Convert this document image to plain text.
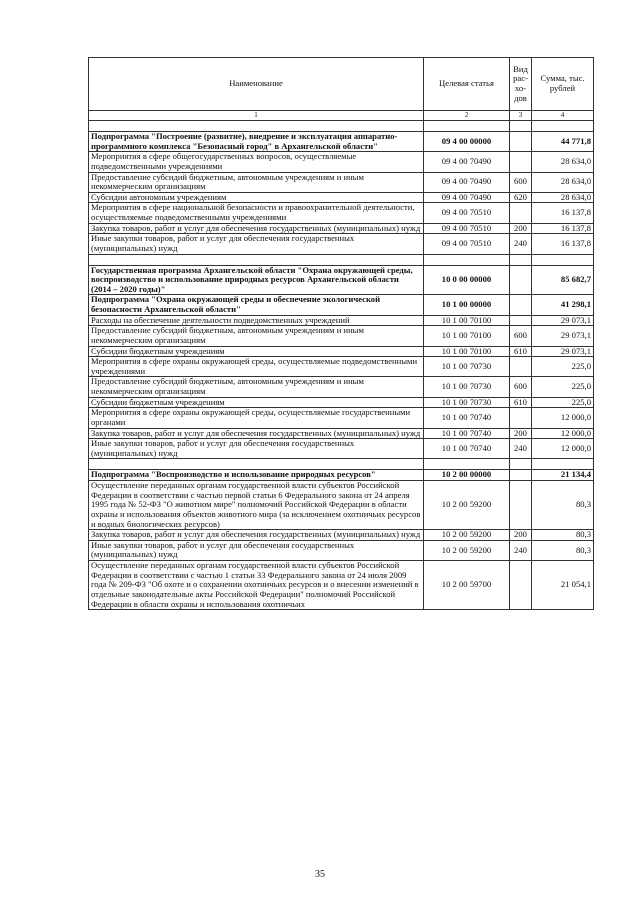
Наименование	Целевая статья	Вид рас- хо- дов	Сумма, тыс. рублей
1	2	3	4

Подпрограмма "Построение (развитие), внедрение и эксплуатация аппаратно-программного комплекса "Безопасный город" в Архангельской области"	09 4 00 00000		44 771,8
Мероприятия в сфере общегосударственных вопросов, осуществляемые подведомственными учреждениями	09 4 00 70490		28 634,0
Предоставление субсидий бюджетным, автономным учреждениям и иным некоммерческим организациям	09 4 00 70490	600	28 634,0
Субсидии автономным учреждениям	09 4 00 70490	620	28 634,0
Мероприятия в сфере национальной безопасности и правоохранительной деятельности, осуществляемые подведомственными учреждениями	09 4 00 70510		16 137,8
Закупка товаров, работ и услуг для обеспечения государственных (муниципальных) нужд	09 4 00 70510	200	16 137,8
Иные закупки товаров, работ и услуг для обеспечения государственных (муниципальных) нужд	09 4 00 70510	240	16 137,8

Государственная программа Архангельской области "Охрана окружающей среды, воспроизводство и использование природных ресурсов Архангельской области (2014 – 2020 годы)"	10 0 00 00000		85 682,7
Подпрограмма "Охрана окружающей среды и обеспечение экологической безопасности Архангельской области"	10 1 00 00000		41 298,1
Расходы на обеспечение деятельности подведомственных учреждений	10 1 00 70100		29 073,1
Предоставление субсидий бюджетным, автономным учреждениям и иным некоммерческим организациям	10 1 00 70100	600	29 073,1
Субсидии бюджетным учреждениям	10 1 00 70100	610	29 073,1
Мероприятия в сфере охраны окружающей среды, осуществляемые подведомственными учреждениями	10 1 00 70730		225,0
Предоставление субсидий бюджетным, автономным учреждениям и иным некоммерческим организациям	10 1 00 70730	600	225,0
Субсидии бюджетным учреждениям	10 1 00 70730	610	225,0
Мероприятия в сфере охраны окружающей среды, осуществляемые государственными органами	10 1 00 70740		12 000,0
Закупка товаров, работ и услуг для обеспечения государственных (муниципальных) нужд	10 1 00 70740	200	12 000,0
Иные закупки товаров, работ и услуг для обеспечения государственных (муниципальных) нужд	10 1 00 70740	240	12 000,0

Подпрограмма "Воспроизводство и использование природных ресурсов"	10 2 00 00000		21 134,4
Осуществление переданных органам государственной власти субъектов Российской Федерации в соответствии с частью первой статьи 6 Федерального закона от 24 апреля 1995 года № 52-ФЗ "О животном мире" полномочий Российской Федерации в области охраны и использования объектов животного мира (за исключением охотничьих ресурсов и водных биологических ресурсов)	10 2 00 59200		80,3
Закупка товаров, работ и услуг для обеспечения государственных (муниципальных) нужд	10 2 00 59200	200	80,3
Иные закупки товаров, работ и услуг для обеспечения государственных (муниципальных) нужд	10 2 00 59200	240	80,3
Осуществление переданных органам государственной власти субъектов Российской Федерации в соответствии с частью 1 статьи 33 Федерального закона от 24 июля 2009 года № 209-ФЗ "Об охоте и о сохранении охотничьих ресурсов и о внесении изменений в отдельные законодательные акты Российской Федерации" полномочий Российской Федерации в области охраны и использования охотничьих	10 2 00 59700		21 054,1
35
